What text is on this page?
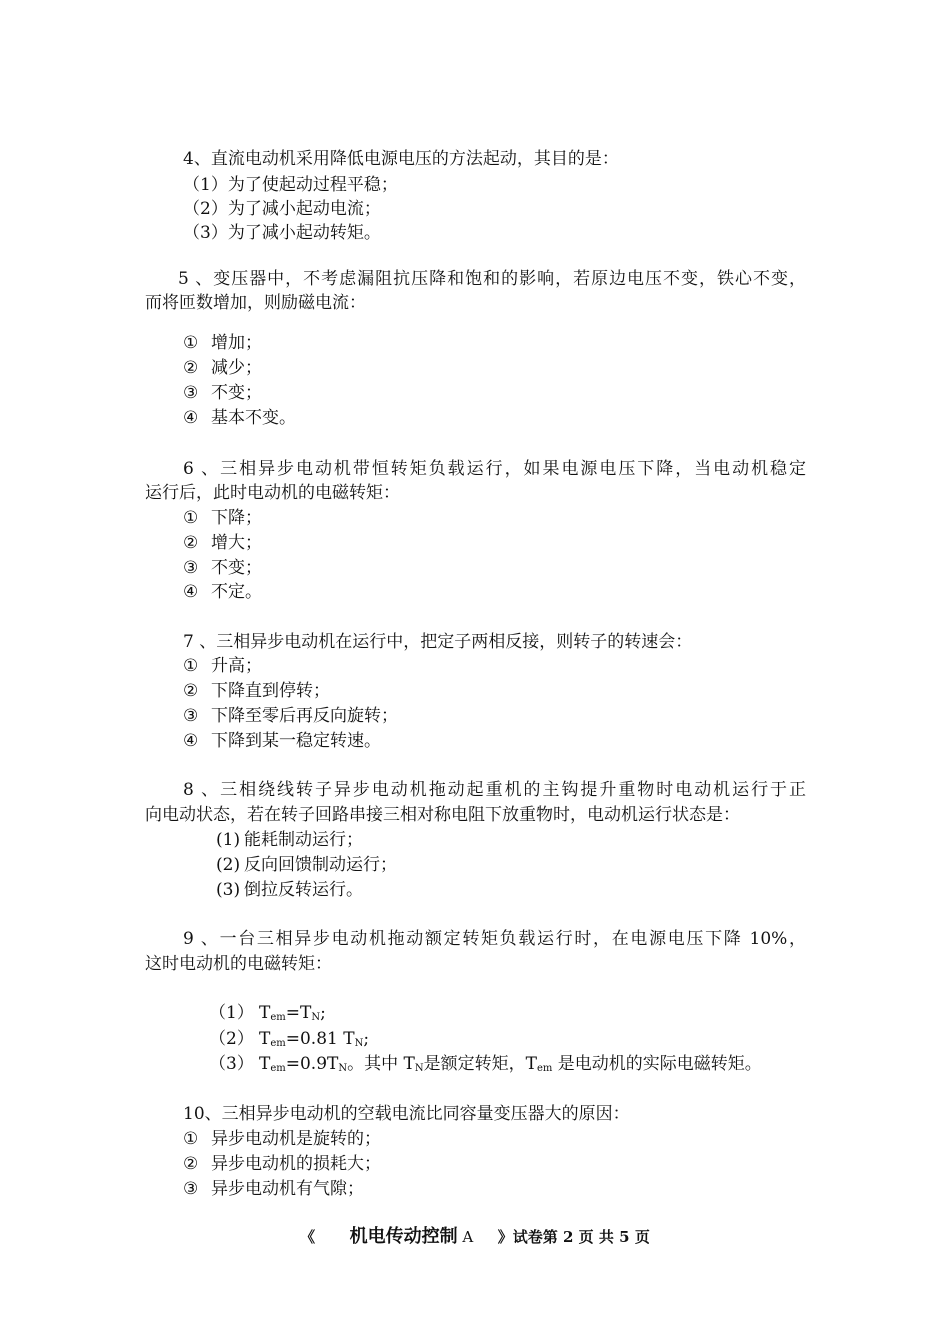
4、直流电动机采用降低电源电压的方法起动，其目的是：
（1）为了使起动过程平稳；
（2）为了减小起动电流；
（3）为了减小起动转矩。
5 、变压器中，不考虑漏阻抗压降和饱和的影响，若原边电压不变，铁心不变，
而将匝数增加，则励磁电流：
① 增加；
② 减少；
③ 不变；
④ 基本不变。
6 、三相异步电动机带恒转矩负载运行，如果电源电压下降，当电动机稳定
运行后，此时电动机的电磁转矩：
① 下降；
② 增大；
③ 不变；
④ 不定。
7 、三相异步电动机在运行中，把定子两相反接，则转子的转速会：
① 升高；
② 下降直到停转；
③ 下降至零后再反向旋转；
④ 下降到某一稳定转速。
8 、三相绕线转子异步电动机拖动起重机的主钩提升重物时电动机运行于正
向电动状态，若在转子回路串接三相对称电阻下放重物时，电动机运行状态是：
(1) 能耗制动运行；
(2) 反向回馈制动运行；
(3) 倒拉反转运行。
9 、一台三相异步电动机拖动额定转矩负载运行时，在电源电压下降 10%，
这时电动机的电磁转矩：
（1） $T_{em}=T_N$;
（2） $T_{em}=0.81$ $T_N$;
（3） $T_{em}=0.9T_N$。其中 $T_N$是额定转矩，$T_{em}$ 是电动机的实际电磁转矩。
10、三相异步电动机的空载电流比同容量变压器大的原因：
① 异步电动机是旋转的；
② 异步电动机的损耗大；
③ 异步电动机有气隙；
《 机电传动控制 A 》试卷第 2 页 共 5 页
